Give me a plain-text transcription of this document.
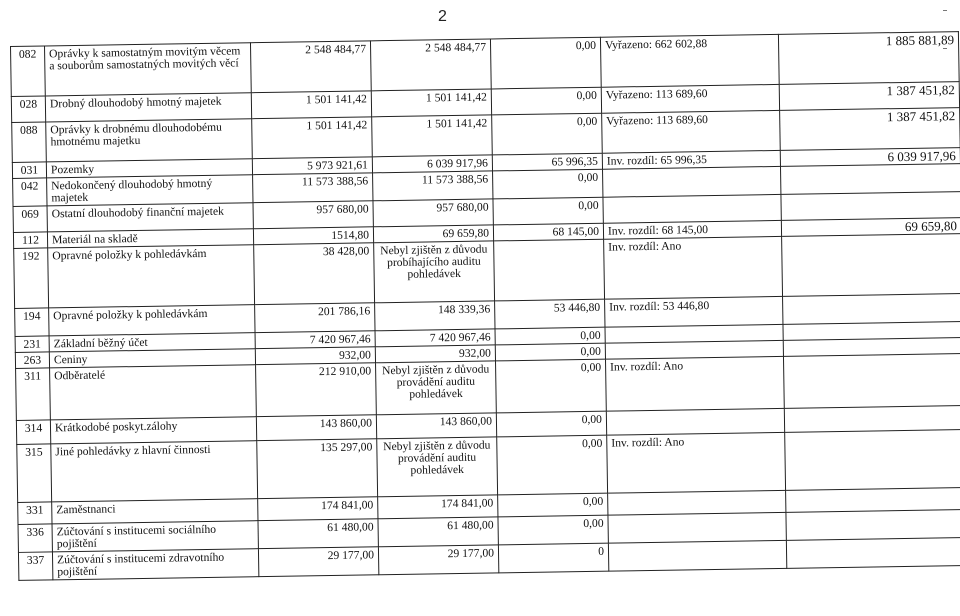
2
082	Oprávky k samostatným movitým věcem a souborům samostatných movitých věcí	2 548 484,77	2 548 484,77	0,00	Vyřazeno: 662 602,88	1 885 881,89
028	Drobný dlouhodobý hmotný majetek	1 501 141,42	1 501 141,42	0,00	Vyřazeno: 113 689,60	1 387 451,82
088	Oprávky k drobnému dlouhodobému hmotnému majetku	1 501 141,42	1 501 141,42	0,00	Vyřazeno: 113 689,60	1 387 451,82
031	Pozemky	5 973 921,61	6 039 917,96	65 996,35	Inv. rozdíl: 65 996,35	6 039 917,96
042	Nedokončený dlouhodobý hmotný majetek	11 573 388,56	11 573 388,56	0,00		
069	Ostatní dlouhodobý finanční majetek	957 680,00	957 680,00	0,00		
112	Materiál na skladě	1514,80	69 659,80	68 145,00	Inv. rozdíl: 68 145,00	69 659,80
192	Opravné položky k pohledávkám	38 428,00	Nebyl zjištěn z důvodu probíhajícího auditu pohledávek		Inv. rozdíl: Ano	
194	Opravné položky k pohledávkám	201 786,16	148 339,36	53 446,80	Inv. rozdíl: 53 446,80	
231	Základní běžný účet	7 420 967,46	7 420 967,46	0,00		
263	Ceniny	932,00	932,00	0,00		
311	Odběratelé	212 910,00	Nebyl zjištěn z důvodu provádění auditu pohledávek	0,00	Inv. rozdíl: Ano	
314	Krátkodobé poskyt.zálohy	143 860,00	143 860,00	0,00		
315	Jiné pohledávky z hlavní činnosti	135 297,00	Nebyl zjištěn z důvodu provádění auditu pohledávek	0,00	Inv. rozdíl: Ano	
331	Zaměstnanci	174 841,00	174 841,00	0,00		
336	Zúčtování s institucemi sociálního pojištění	61 480,00	61 480,00	0,00		
337	Zúčtování s institucemi zdravotního pojištění	29 177,00	29 177,00	0		
